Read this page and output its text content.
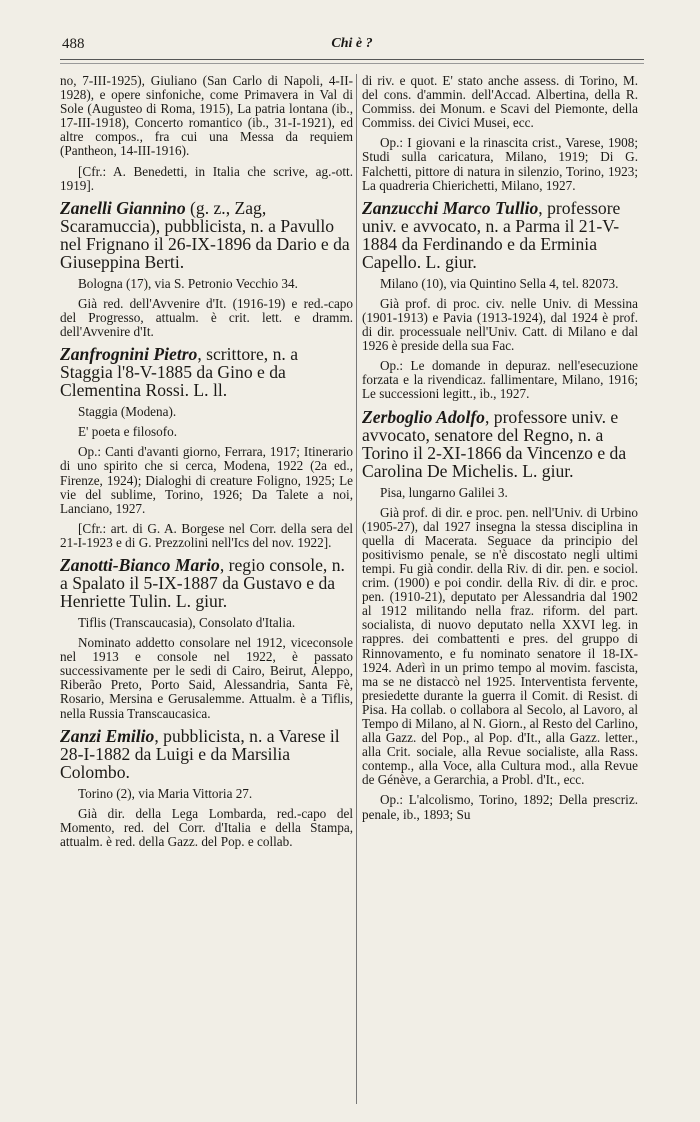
488	Chi è ?

no, 7-III-1925), Giuliano (San Carlo di Napoli, 4-II-1928), e opere sinfoniche, come Primavera in Val di Sole (Augusteo di Roma, 1915), La patria lontana (ib., 17-III-1918), Concerto romantico (ib., 31-I-1921), ed altre compos., fra cui una Messa da requiem (Pantheon, 14-III-1916).

[Cfr.: A. Benedetti, in Italia che scrive, ag.-ott. 1919].

Zanelli Giannino (g. z., Zag, Scaramuccia), pubblicista, n. a Pavullo nel Frignano il 26-IX-1896 da Dario e da Giuseppina Berti.

Bologna (17), via S. Petronio Vecchio 34.

Già red. dell'Avvenire d'It. (1916-19) e red.-capo del Progresso, attualm. è crit. lett. e dramm. dell'Avvenire d'It.

Zanfrognini Pietro, scrittore, n. a Staggia l'8-V-1885 da Gino e da Clementina Rossi. L. ll.

Staggia (Modena).

E' poeta e filosofo.

Op.: Canti d'avanti giorno, Ferrara, 1917; Itinerario di uno spirito che si cerca, Modena, 1922 (2a ed., Firenze, 1924); Dialoghi di creature Foligno, 1925; Le vie del sublime, Torino, 1926; Da Talete a noi, Lanciano, 1927.

[Cfr.: art. di G. A. Borgese nel Corr. della sera del 21-I-1923 e di G. Prezzolini nell'Ics del nov. 1922].

Zanotti-Bianco Mario, regio console, n. a Spalato il 5-IX-1887 da Gustavo e da Henriette Tulin. L. giur.

Tiflis (Transcaucasia), Consolato d'Italia.

Nominato addetto consolare nel 1912, viceconsole nel 1913 e console nel 1922, è passato successivamente per le sedi di Cairo, Beirut, Aleppo, Riberão Preto, Porto Said, Alessandria, Santa Fè, Rosario, Mersina e Gerusalemme. Attualm. è a Tiflis, nella Russia Transcaucasica.

Zanzi Emilio, pubblicista, n. a Varese il 28-I-1882 da Luigi e da Marsilia Colombo.

Torino (2), via Maria Vittoria 27.

Già dir. della Lega Lombarda, red.-capo del Momento, red. del Corr. d'Italia e della Stampa, attualm. è red. della Gazz. del Pop. e collab.

di riv. e quot. E' stato anche assess. di Torino, M. del cons. d'ammin. dell'Accad. Albertina, della R. Commiss. dei Monum. e Scavi del Piemonte, della Commiss. dei Civici Musei, ecc.

Op.: I giovani e la rinascita crist., Varese, 1908; Studi sulla caricatura, Milano, 1919; Di G. Falchetti, pittore di natura in silenzio, Torino, 1923; La quadreria Chierichetti, Milano, 1927.

Zanzucchi Marco Tullio, professore univ. e avvocato, n. a Parma il 21-V-1884 da Ferdinando e da Erminia Capello. L. giur.

Milano (10), via Quintino Sella 4, tel. 82073.

Già prof. di proc. civ. nelle Univ. di Messina (1901-1913) e Pavia (1913-1924), dal 1924 è prof. di dir. processuale nell'Univ. Catt. di Milano e dal 1926 è preside della sua Fac.

Op.: Le domande in depuraz. nell'esecuzione forzata e la rivendicaz. fallimentare, Milano, 1916; Le successioni legitt., ib., 1927.

Zerboglio Adolfo, professore univ. e avvocato, senatore del Regno, n. a Torino il 2-XI-1866 da Vincenzo e da Carolina De Michelis. L. giur.

Pisa, lungarno Galilei 3.

Già prof. di dir. e proc. pen. nell'Univ. di Urbino (1905-27), dal 1927 insegna la stessa disciplina in quella di Macerata. Seguace da principio del positivismo penale, se n'è discostato negli ultimi tempi. Fu già condir. della Riv. di dir. pen. e sociol. crim. (1900) e poi condir. della Riv. di dir. e proc. pen. (1910-21), deputato per Alessandria dal 1902 al 1912 militando nella fraz. riform. del part. socialista, di nuovo deputato nella XXVI leg. in rappres. dei combattenti e pres. del gruppo di Rinnovamento, e fu nominato senatore il 18-IX-1924. Aderì in un primo tempo al movim. fascista, ma se ne distaccò nel 1925. Interventista fervente, presiedette durante la guerra il Comit. di Resist. di Pisa. Ha collab. o collabora al Secolo, al Lavoro, al Tempo di Milano, al N. Giorn., al Resto del Carlino, alla Gazz. del Pop., al Pop. d'It., alla Gazz. letter., alla Crit. sociale, alla Revue socialiste, alla Rass. contemp., alla Voce, alla Cultura mod., alla Revue de Génève, a Gerarchia, a Probl. d'It., ecc.

Op.: L'alcolismo, Torino, 1892; Della prescriz. penale, ib., 1893; Su
